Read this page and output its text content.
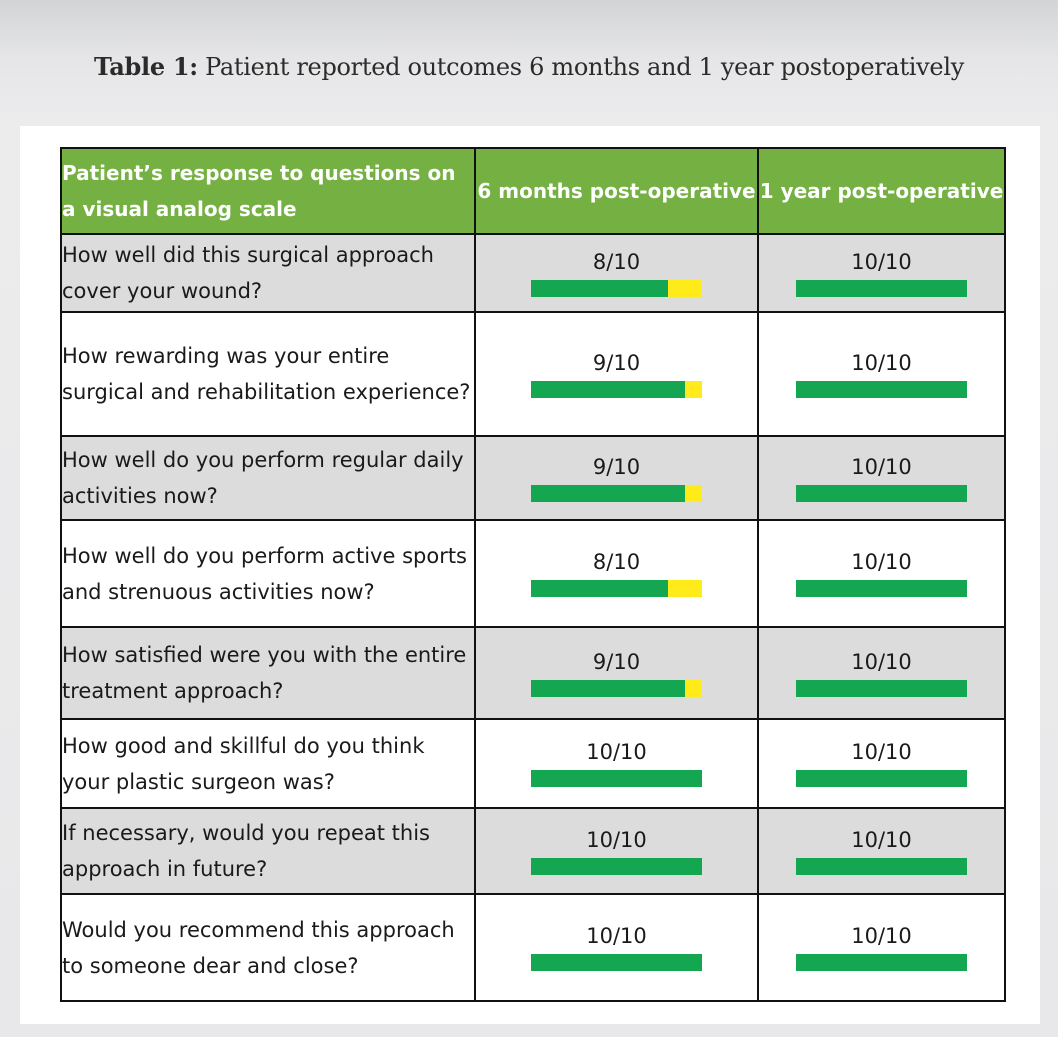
Table 1: Patient reported outcomes 6 months and 1 year postoperatively
Patient’s response to questions on a visual analog scale	6 months post-operative	1 year post-operative
How well did this surgical approach cover your wound?	8/10	10/10

How rewarding was your entire surgical and rehabilitation experience?	9/10	10/10

How well do you perform regular daily activities now?	9/10	10/10

How well do you perform active sports and strenuous activities now?	8/10	10/10

How satisfied were you with the entire treatment approach?	9/10	10/10

How good and skillful do you think your plastic surgeon was?	10/10	10/10

If necessary, would you repeat this approach in future?	10/10	10/10

Would you recommend this approach to someone dear and close?	10/10	10/10
